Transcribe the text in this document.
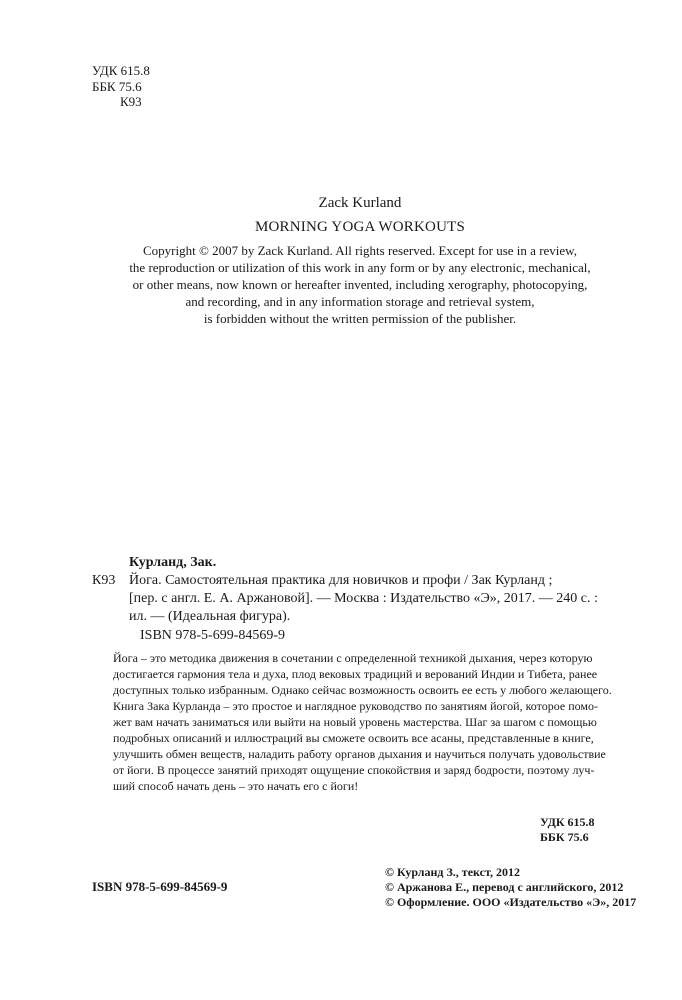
УДК 615.8
ББК 75.6
К93
Zack Kurland
MORNING YOGA WORKOUTS
Copyright © 2007 by Zack Kurland. All rights reserved. Except for use in a review,
the reproduction or utilization of this work in any form or by any electronic, mechanical,
or other means, now known or hereafter invented, including xerography, photocopying,
and recording, and in any information storage and retrieval system,
is forbidden without the written permission of the publisher.
Курланд, Зак.
К93 Йога. Самостоятельная практика для новичков и профи / Зак Курланд ;
[пер. с англ. Е. А. Аржановой]. — Москва : Издательство «Э», 2017. — 240 с. :
ил. — (Идеальная фигура).
ISBN 978-5-699-84569-9
Йога – это методика движения в сочетании с определенной техникой дыхания, через которую
достигается гармония тела и духа, плод вековых традиций и верований Индии и Тибета, ранее
доступных только избранным. Однако сейчас возможность освоить ее есть у любого желающего.
Книга Зака Курланда – это простое и наглядное руководство по занятиям йогой, которое помо-
жет вам начать заниматься или выйти на новый уровень мастерства. Шаг за шагом с помощью
подробных описаний и иллюстраций вы сможете освоить все асаны, представленные в книге,
улучшить обмен веществ, наладить работу органов дыхания и научиться получать удовольствие
от йоги. В процессе занятий приходят ощущение спокойствия и заряд бодрости, поэтому луч-
ший способ начать день – это начать его с йоги!
УДК 615.8
ББК 75.6
© Курланд З., текст, 2012
© Аржанова Е., перевод с английского, 2012
© Оформление. ООО «Издательство «Э», 2017
ISBN 978-5-699-84569-9
